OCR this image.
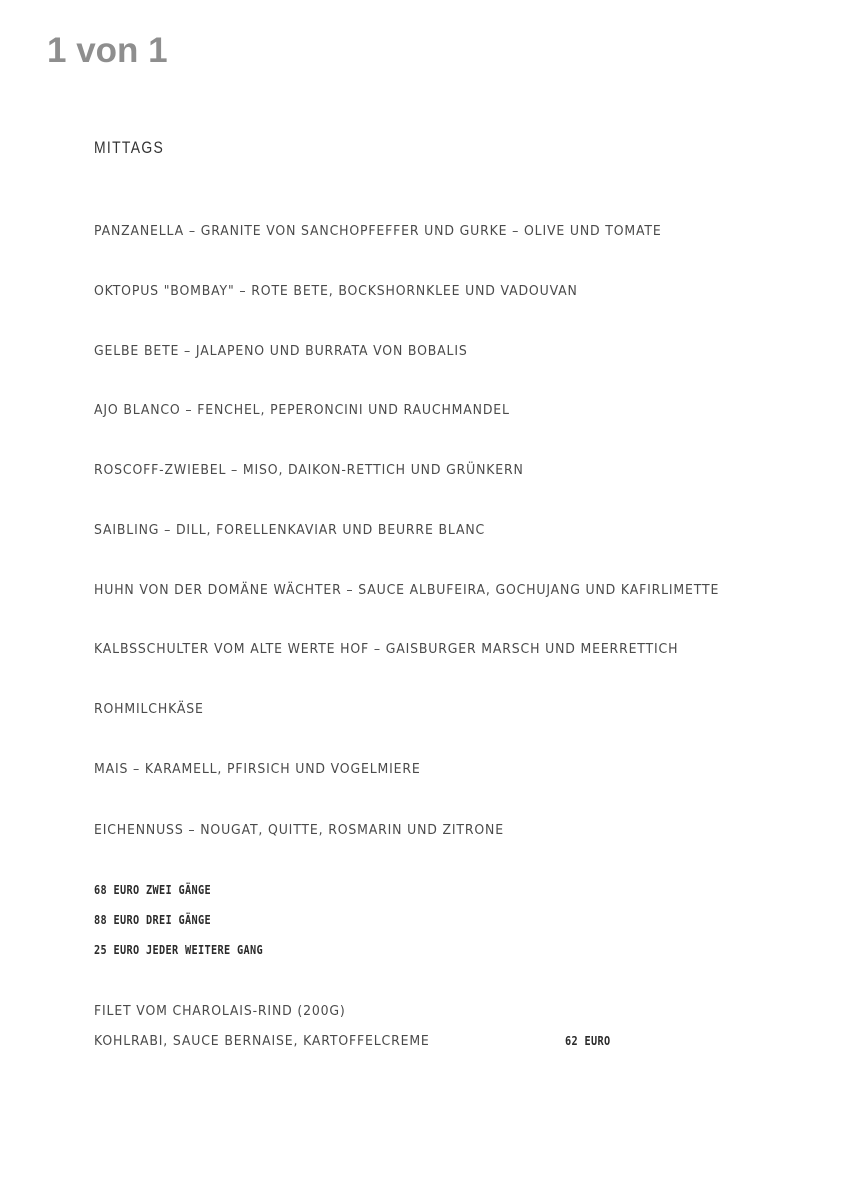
1 von 1
MITTAGS
PANZANELLA – GRANITE VON SANCHOPFEFFER UND GURKE – OLIVE UND TOMATE
OKTOPUS "BOMBAY" – ROTE BETE, BOCKSHORNKLEE UND VADOUVAN
GELBE BETE – JALAPENO UND BURRATA VON BOBALIS
AJO BLANCO – FENCHEL, PEPERONCINI UND RAUCHMANDEL
ROSCOFF-ZWIEBEL – MISO, DAIKON-RETTICH UND GRÜNKERN
SAIBLING – DILL, FORELLENKAVIAR UND BEURRE BLANC
HUHN VON DER DOMÄNE WÄCHTER – SAUCE ALBUFEIRA, GOCHUJANG UND KAFIRLIMETTE
KALBSSCHULTER VOM ALTE WERTE HOF – GAISBURGER MARSCH UND MEERRETTICH
ROHMILCHKÄSE
MAIS – KARAMELL, PFIRSICH UND VOGELMIERE
EICHENNUSS – NOUGAT, QUITTE, ROSMARIN UND ZITRONE
68 EURO ZWEI GÄNGE
88 EURO DREI GÄNGE
25 EURO JEDER WEITERE GANG
FILET VOM CHAROLAIS-RIND (200G)
KOHLRABI, SAUCE BERNAISE, KARTOFFELCREME	62 EURO
